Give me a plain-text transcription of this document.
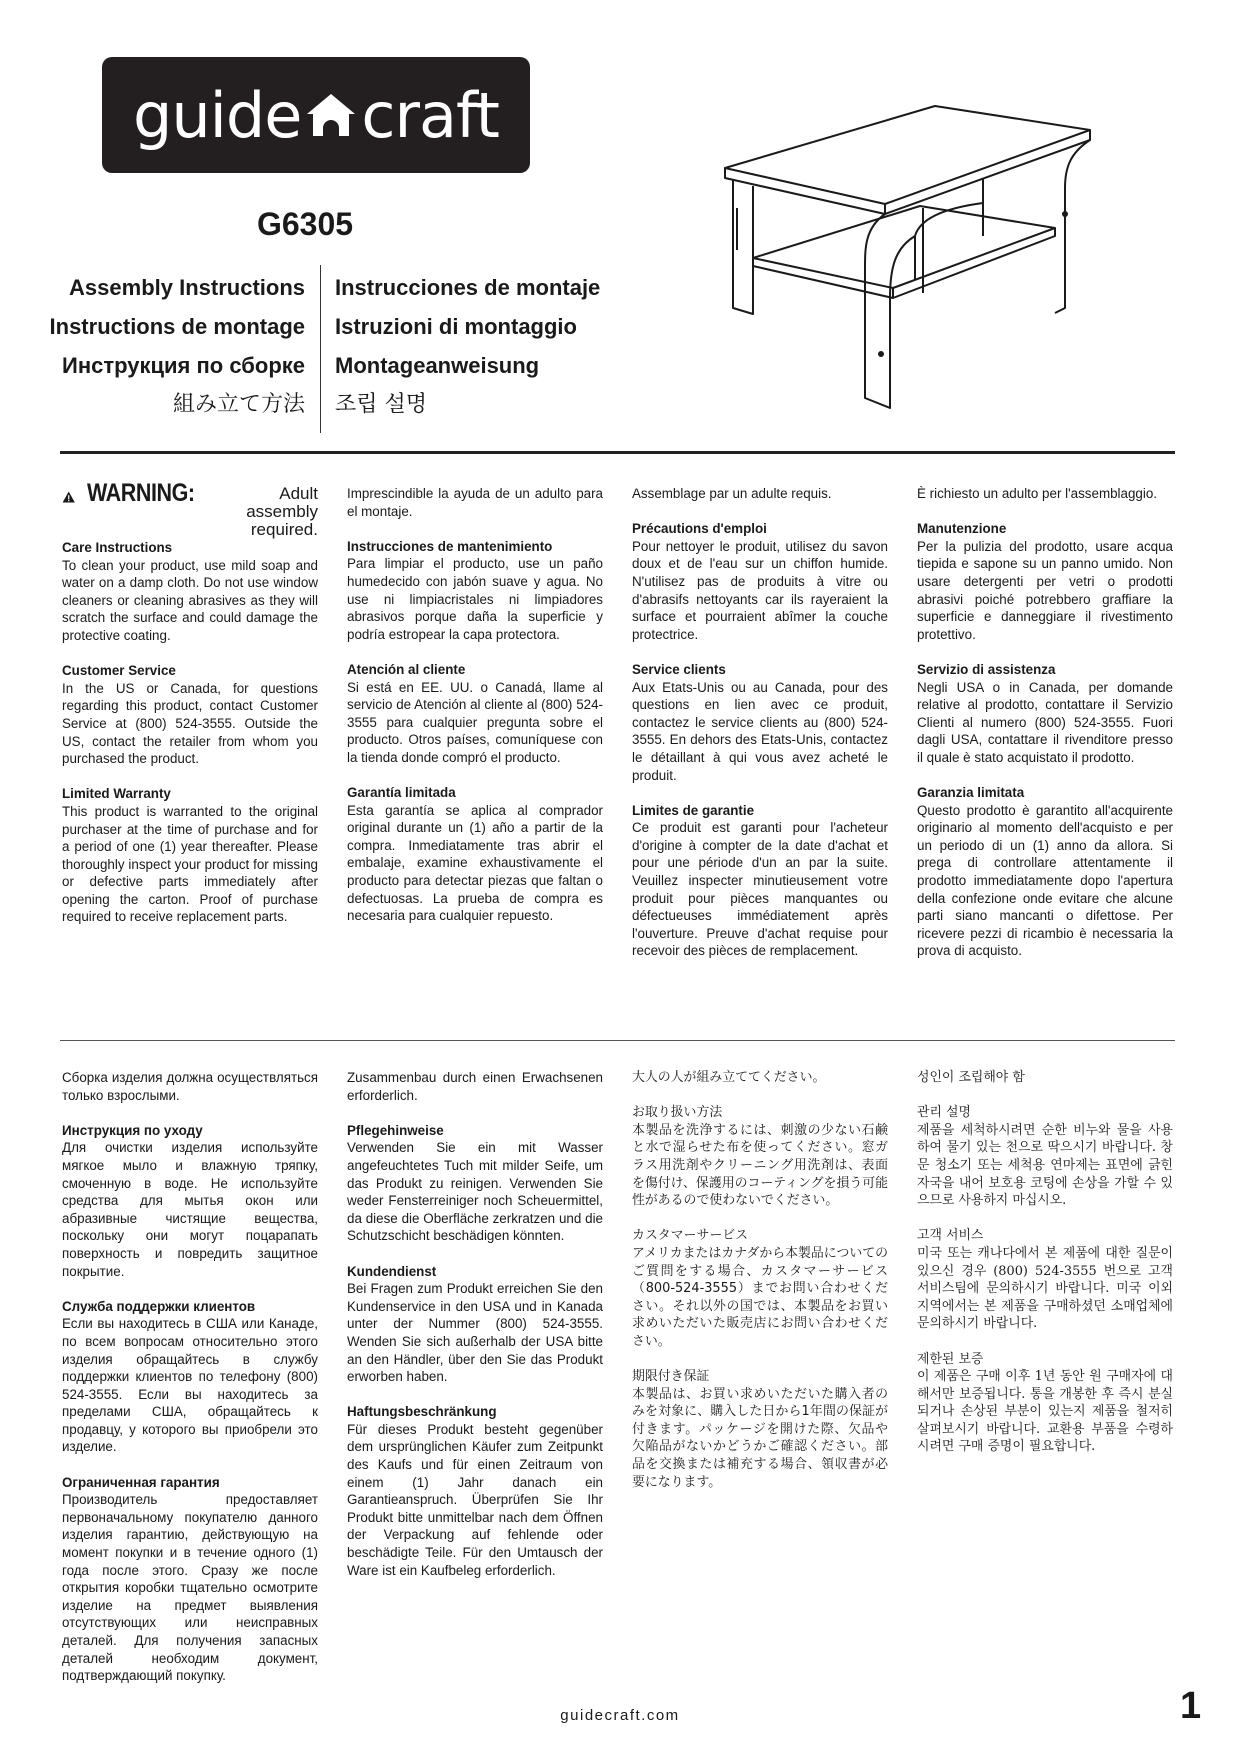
guide craft
G6305
Assembly Instructions
Instructions de montage
Инструкция по сборке
組み立て方法
Instrucciones de montaje
Istruzioni di montaggio
Montageanweisung
조립 설명
WARNING:	Adult assembly required.

Care Instructions
To clean your product, use mild soap and water on a damp cloth. Do not use window cleaners or cleaning abrasives as they will scratch the surface and could damage the protective coating.

Customer Service
In the US or Canada, for questions regarding this product, contact Customer Service at (800) 524-3555. Outside the US, contact the retailer from whom you purchased the product.

Limited Warranty
This product is warranted to the original purchaser at the time of purchase and for a period of one (1) year thereafter. Please thoroughly inspect your product for missing or defective parts immediately after opening the carton. Proof of purchase required to receive replacement parts.

Imprescindible la ayuda de un adulto para el montaje.

Instrucciones de mantenimiento
Para limpiar el producto, use un paño humedecido con jabón suave y agua. No use ni limpiacristales ni limpiadores abrasivos porque daña la superficie y podría estropear la capa protectora.

Atención al cliente
Si está en EE. UU. o Canadá, llame al servicio de Atención al cliente al (800) 524-3555 para cualquier pregunta sobre el producto. Otros países, comuníquese con la tienda donde compró el producto.

Garantía limitada
Esta garantía se aplica al comprador original durante un (1) año a partir de la compra. Inmediatamente tras abrir el embalaje, examine exhaustivamente el producto para detectar piezas que faltan o defectuosas. La prueba de compra es necesaria para cualquier repuesto.

Assemblage par un adulte requis.

Précautions d'emploi
Pour nettoyer le produit, utilisez du savon doux et de l'eau sur un chiffon humide. N'utilisez pas de produits à vitre ou d'abrasifs nettoyants car ils rayeraient la surface et pourraient abîmer la couche protectrice.

Service clients
Aux Etats-Unis ou au Canada, pour des questions en lien avec ce produit, contactez le service clients au (800) 524-3555. En dehors des Etats-Unis, contactez le détaillant à qui vous avez acheté le produit.

Limites de garantie
Ce produit est garanti pour l'acheteur d'origine à compter de la date d'achat et pour une période d'un an par la suite. Veuillez inspecter minutieusement votre produit pour pièces manquantes ou défectueuses immédiatement après l'ouverture. Preuve d'achat requise pour recevoir des pièces de remplacement.

È richiesto un adulto per l'assemblaggio.

Manutenzione
Per la pulizia del prodotto, usare acqua tiepida e sapone su un panno umido. Non usare detergenti per vetri o prodotti abrasivi poiché potrebbero graffiare la superficie e danneggiare il rivestimento protettivo.

Servizio di assistenza
Negli USA o in Canada, per domande relative al prodotto, contattare il Servizio Clienti al numero (800) 524-3555. Fuori dagli USA, contattare il rivenditore presso il quale è stato acquistato il prodotto.

Garanzia limitata
Questo prodotto è garantito all'acquirente originario al momento dell'acquisto e per un periodo di un (1) anno da allora. Si prega di controllare attentamente il prodotto immediatamente dopo l'apertura della confezione onde evitare che alcune parti siano mancanti o difettose. Per ricevere pezzi di ricambio è necessaria la prova di acquisto.

Сборка изделия должна осуществляться только взрослыми.

Инструкция по уходу
Для очистки изделия используйте мягкое мыло и влажную тряпку, смоченную в воде. Не используйте средства для мытья окон или абразивные чистящие вещества, поскольку они могут поцарапать поверхность и повредить защитное покрытие.

Служба поддержки клиентов
Если вы находитесь в США или Канаде, по всем вопросам относительно этого изделия обращайтесь в службу поддержки клиентов по телефону (800) 524-3555. Если вы находитесь за пределами США, обращайтесь к продавцу, у которого вы приобрели это изделие.

Ограниченная гарантия
Производитель предоставляет первоначальному покупателю данного изделия гарантию, действующую на момент покупки и в течение одного (1) года после этого. Сразу же после открытия коробки тщательно осмотрите изделие на предмет выявления отсутствующих или неисправных деталей. Для получения запасных деталей необходим документ, подтверждающий покупку.

Zusammenbau durch einen Erwachsenen erforderlich.

Pflegehinweise
Verwenden Sie ein mit Wasser angefeuchtetes Tuch mit milder Seife, um das Produkt zu reinigen. Verwenden Sie weder Fensterreiniger noch Scheuermittel, da diese die Oberfläche zerkratzen und die Schutzschicht beschädigen könnten.

Kundendienst
Bei Fragen zum Produkt erreichen Sie den Kundenservice in den USA und in Kanada unter der Nummer (800) 524-3555. Wenden Sie sich außerhalb der USA bitte an den Händler, über den Sie das Produkt erworben haben.

Haftungsbeschränkung
Für dieses Produkt besteht gegenüber dem ursprünglichen Käufer zum Zeitpunkt des Kaufs und für einen Zeitraum von einem (1) Jahr danach ein Garantieanspruch. Überprüfen Sie Ihr Produkt bitte unmittelbar nach dem Öffnen der Verpackung auf fehlende oder beschädigte Teile. Für den Umtausch der Ware ist ein Kaufbeleg erforderlich.

大人の人が組み立ててください。

お取り扱い方法
本製品を洗浄するには、刺激の少ない石鹸と水で湿らせた布を使ってください。窓ガラス用洗剤やクリーニング用洗剤は、表面を傷付け、保護用のコーティングを損う可能性があるので使わないでください。

カスタマーサービス
アメリカまたはカナダから本製品についてのご質問をする場合、カスタマーサービス（800-524-3555）までお問い合わせください。それ以外の国では、本製品をお買い求めいただいた販売店にお問い合わせください。

期限付き保証
本製品は、お買い求めいただいた購入者のみを対象に、購入した日から1年間の保証が付きます。パッケージを開けた際、欠品や欠陥品がないかどうかご確認ください。部品を交換または補充する場合、領収書が必要になります。

성인이 조립해야 함

관리 설명
제품을 세척하시려면 순한 비누와 물을 사용하여 물기 있는 천으로 딱으시기 바랍니다. 창문 청소기 또는 세척용 연마제는 표면에 긁힌 자국을 내어 보호용 코팅에 손상을 가할 수 있으므로 사용하지 마십시오.

고객 서비스
미국 또는 캐나다에서 본 제품에 대한 질문이 있으신 경우 (800) 524-3555 번으로 고객 서비스팀에 문의하시기 바랍니다. 미국 이외 지역에서는 본 제품을 구매하셨던 소매업체에 문의하시기 바랍니다.

제한된 보증
이 제품은 구매 이후 1년 동안 원 구매자에 대해서만 보증됩니다. 통을 개봉한 후 즉시 분실되거나 손상된 부분이 있는지 제품을 철저히 살펴보시기 바랍니다. 교환용 부품을 수령하시려면 구매 증명이 필요합니다.

guidecraft.com	1
